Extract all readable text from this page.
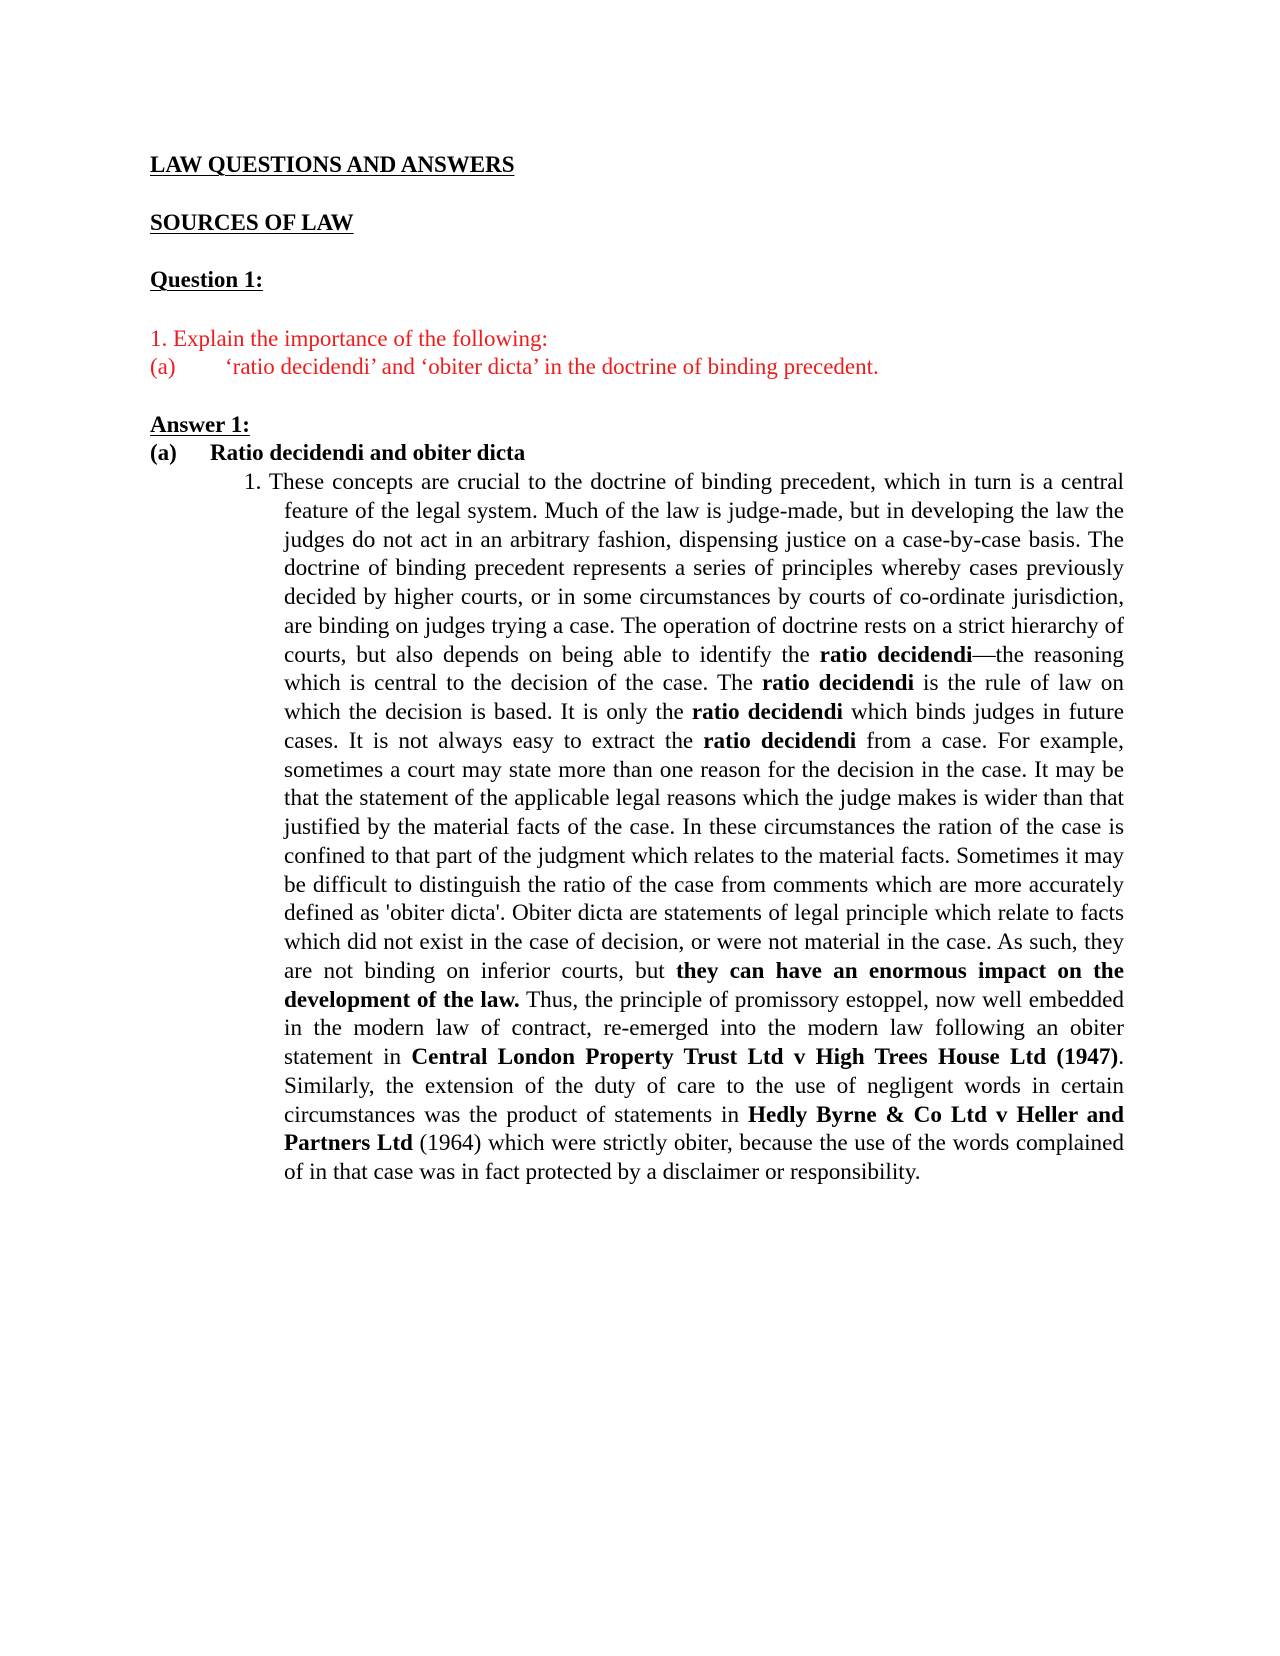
LAW QUESTIONS AND ANSWERS
SOURCES OF LAW
Question 1:
1. Explain the importance of the following:
(a)	‘ratio decidendi’ and ‘obiter dicta’ in the doctrine of binding precedent.
Answer 1:
(a)	Ratio decidendi and obiter dicta
1. These concepts are crucial to the doctrine of binding precedent, which in turn is a central feature of the legal system. Much of the law is judge-made, but in developing the law the judges do not act in an arbitrary fashion, dispensing justice on a case-by-case basis. The doctrine of binding precedent represents a series of principles whereby cases previously decided by higher courts, or in some circumstances by courts of co-ordinate jurisdiction, are binding on judges trying a case. The operation of doctrine rests on a strict hierarchy of courts, but also depends on being able to identify the ratio decidendi—the reasoning which is central to the decision of the case. The ratio decidendi is the rule of law on which the decision is based. It is only the ratio decidendi which binds judges in future cases. It is not always easy to extract the ratio decidendi from a case. For example, sometimes a court may state more than one reason for the decision in the case. It may be that the statement of the applicable legal reasons which the judge makes is wider than that justified by the material facts of the case. In these circumstances the ration of the case is confined to that part of the judgment which relates to the material facts. Sometimes it may be difficult to distinguish the ratio of the case from comments which are more accurately defined as 'obiter dicta'. Obiter dicta are statements of legal principle which relate to facts which did not exist in the case of decision, or were not material in the case. As such, they are not binding on inferior courts, but they can have an enormous impact on the development of the law. Thus, the principle of promissory estoppel, now well embedded in the modern law of contract, re-emerged into the modern law following an obiter statement in Central London Property Trust Ltd v High Trees House Ltd (1947). Similarly, the extension of the duty of care to the use of negligent words in certain circumstances was the product of statements in Hedly Byrne & Co Ltd v Heller and Partners Ltd (1964) which were strictly obiter, because the use of the words complained of in that case was in fact protected by a disclaimer or responsibility.
